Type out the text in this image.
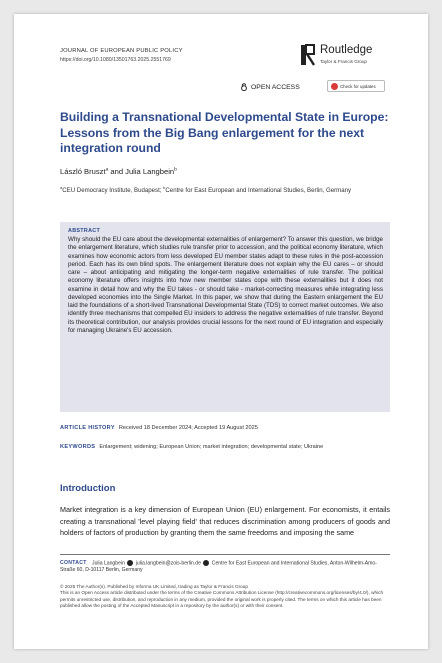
JOURNAL OF EUROPEAN PUBLIC POLICY
https://doi.org/10.1080/13501763.2025.2551769
Routledge
Taylor & Francis Group
OPEN ACCESS	Check for updates
Building a Transnational Developmental State in Europe: Lessons from the Big Bang enlargement for the next integration round
László Bruszt$^a$ and Julia Langbein$^b$
$^a$CEU Democracy Institute, Budapest; $^b$Centre for East European and International Studies, Berlin, Germany
ABSTRACT
Why should the EU care about the developmental externalities of enlargement? To answer this question, we bridge the enlargement literature, which studies rule transfer prior to accession, and the political economy literature, which examines how economic actors from less developed EU member states adapt to these rules in the post-accession period. Each has its own blind spots. The enlargement literature does not explain why the EU cares – or should care – about anticipating and mitigating the longer-term negative externalities of rule transfer. The political economy literature offers insights into how new member states cope with these externalities but it does not examine in detail how and why the EU takes - or should take - market-correcting measures while integrating less developed economies into the Single Market. In this paper, we show that during the Eastern enlargement the EU laid the foundations of a short-lived Transnational Developmental State (TDS) to correct market outcomes. We also identify three mechanisms that compelled EU insiders to address the negative externalities of rule transfer. Beyond its theoretical contribution, our analysis provides crucial lessons for the next round of EU integration and especially for managing Ukraine's EU accession.
ARTICLE HISTORY Received 18 December 2024; Accepted 19 August 2025
KEYWORDS Enlargement; widening; European Union; market integration; developmental state; Ukraine
Introduction
Market integration is a key dimension of European Union (EU) enlargement. For economists, it entails creating a transnational 'level playing field' that reduces discrimination among producers of goods and holders of factors of production by granting them the same freedoms and imposing the same
CONTACT Julia Langbein julia.langbein@zois-berlin.de Centre for East European and International Studies, Anton-Wilhelm-Amo-Straße 60, D-10117 Berlin, Germany
© 2025 The Author(s). Published by Informa UK Limited, trading as Taylor & Francis Group
This is an Open Access article distributed under the terms of the Creative Commons Attribution License (http://creativecommons.org/licenses/by/4.0/), which permits unrestricted use, distribution, and reproduction in any medium, provided the original work is properly cited. The terms on which this article has been published allow the posting of the Accepted Manuscript in a repository by the author(s) or with their consent.
